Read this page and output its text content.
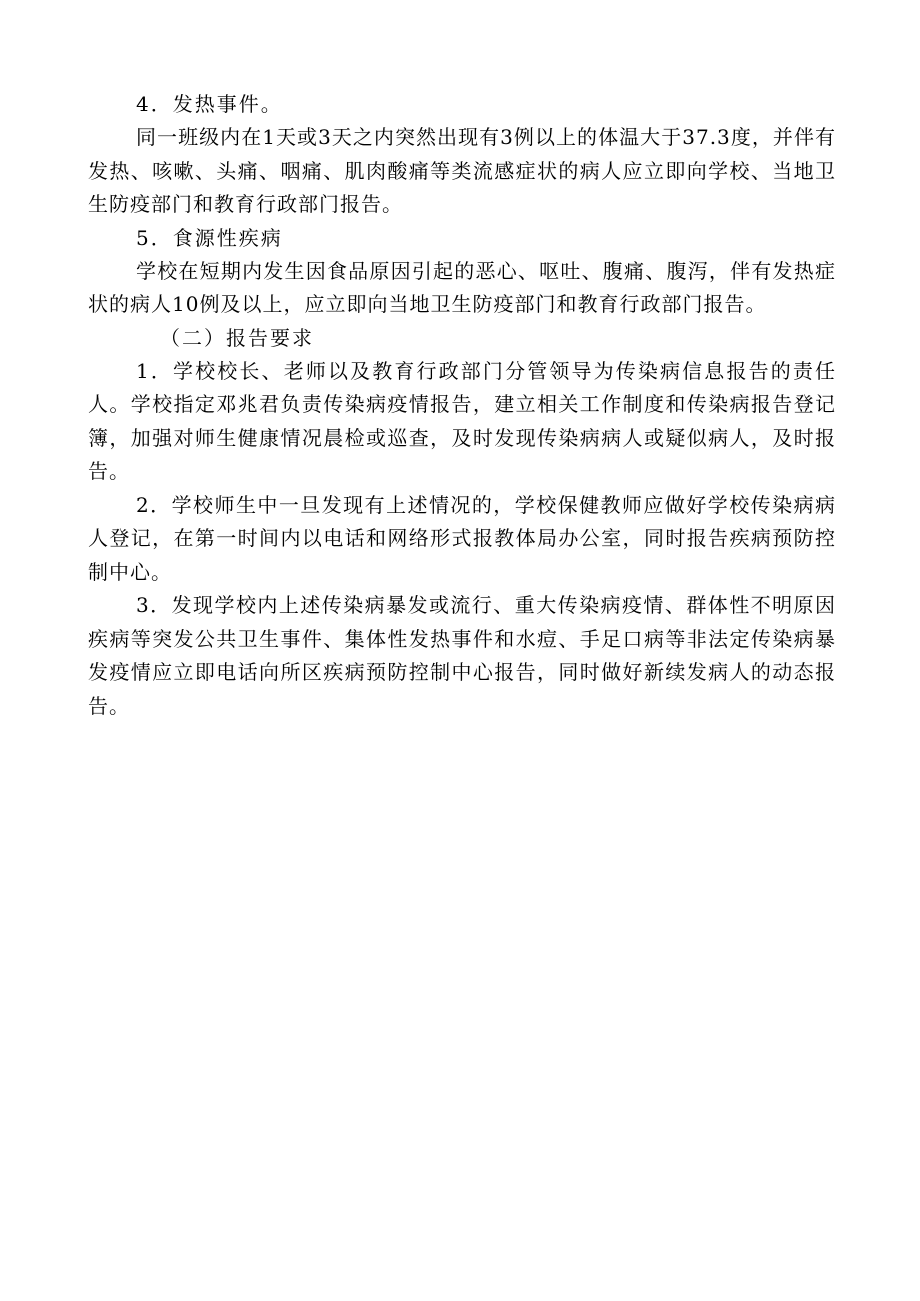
4．发热事件。

同一班级内在1天或3天之内突然出现有3例以上的体温大于37.3度，并伴有发热、咳嗽、头痛、咽痛、肌肉酸痛等类流感症状的病人应立即向学校、当地卫生防疫部门和教育行政部门报告。

5．食源性疾病

学校在短期内发生因食品原因引起的恶心、呕吐、腹痛、腹泻，伴有发热症状的病人10例及以上，应立即向当地卫生防疫部门和教育行政部门报告。

（二）报告要求

1．学校校长、老师以及教育行政部门分管领导为传染病信息报告的责任人。学校指定邓兆君负责传染病疫情报告，建立相关工作制度和传染病报告登记簿，加强对师生健康情况晨检或巡查，及时发现传染病病人或疑似病人，及时报告。

2．学校师生中一旦发现有上述情况的，学校保健教师应做好学校传染病病人登记，在第一时间内以电话和网络形式报教体局办公室，同时报告疾病预防控制中心。

3．发现学校内上述传染病暴发或流行、重大传染病疫情、群体性不明原因疾病等突发公共卫生事件、集体性发热事件和水痘、手足口病等非法定传染病暴发疫情应立即电话向所区疾病预防控制中心报告，同时做好新续发病人的动态报告。
